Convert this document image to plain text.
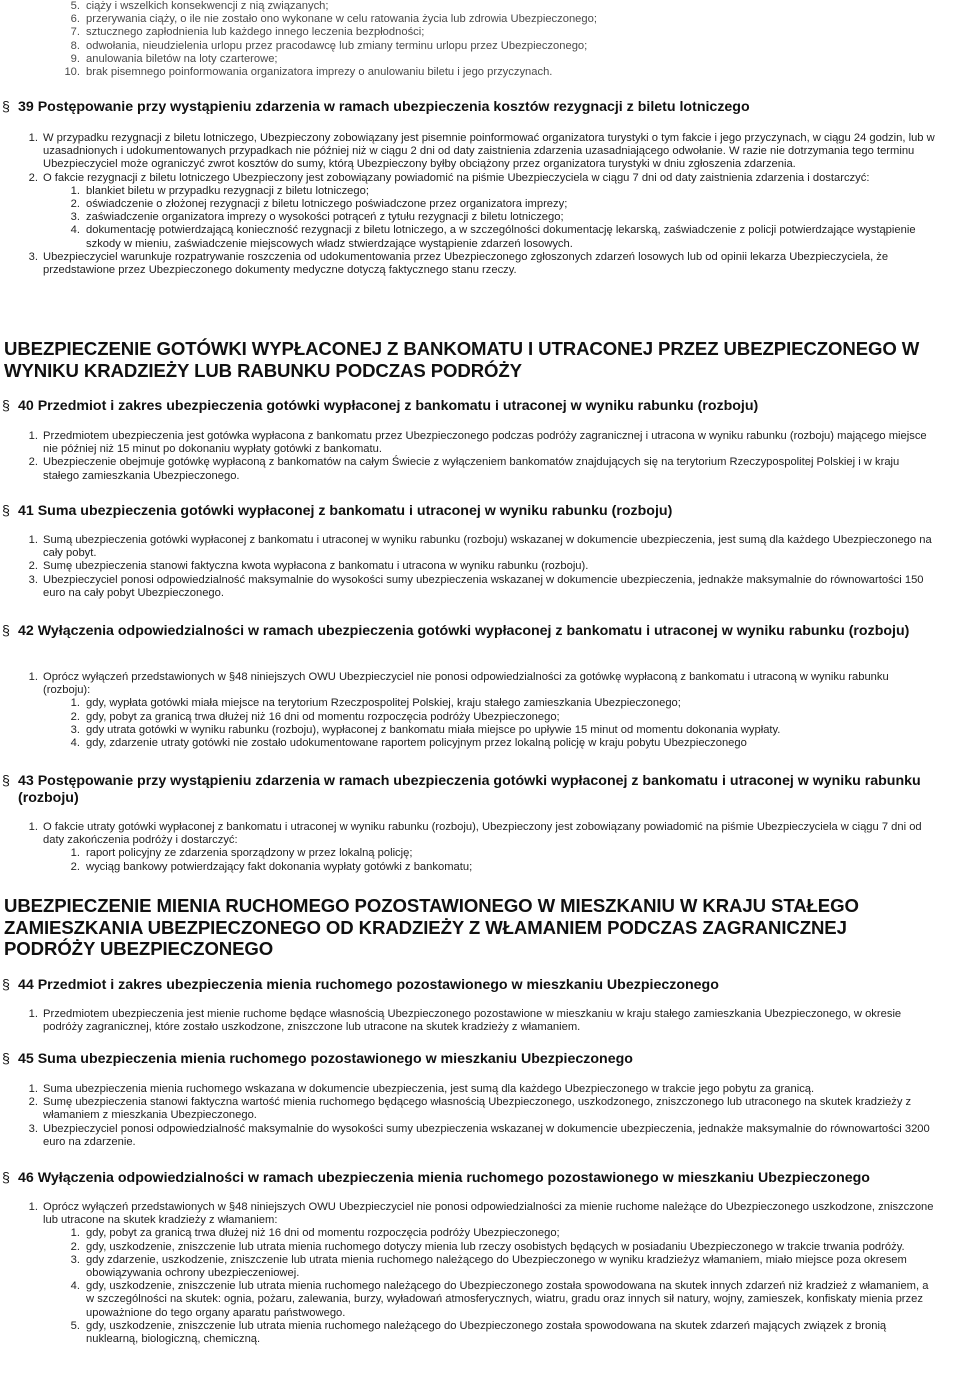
5. ciąży i wszelkich konsekwencji z nią związanych;
6. przerywania ciąży, o ile nie zostało ono wykonane w celu ratowania życia lub zdrowia Ubezpieczonego;
7. sztucznego zapłodnienia lub każdego innego leczenia bezpłodności;
8. odwołania, nieudzielenia urlopu przez pracodawcę lub zmiany terminu urlopu przez Ubezpieczonego;
9. anulowania biletów na loty czarterowe;
10. brak pisemnego poinformowania organizatora imprezy o anulowaniu biletu i jego przyczynach.
§ 39 Postępowanie przy wystąpieniu zdarzenia w ramach ubezpieczenia kosztów rezygnacji z biletu lotniczego
1. W przypadku rezygnacji z biletu lotniczego, Ubezpieczony zobowiązany jest pisemnie poinformować organizatora turystyki o tym fakcie i jego przyczynach, w ciągu 24 godzin, lub w uzasadnionych i udokumentowanych przypadkach nie później niż w ciągu 2 dni od daty zaistnienia zdarzenia uzasadniającego odwołanie. W razie nie dotrzymania tego terminu Ubezpieczyciel może ograniczyć zwrot kosztów do sumy, którą Ubezpieczony byłby obciążony przez organizatora turystyki w dniu zgłoszenia zdarzenia.
2. O fakcie rezygnacji z biletu lotniczego Ubezpieczony jest zobowiązany powiadomić na piśmie Ubezpieczyciela w ciągu 7 dni od daty zaistnienia zdarzenia i dostarczyć:
1. blankiet biletu w przypadku rezygnacji z biletu lotniczego;
2. oświadczenie o złożonej rezygnacji z biletu lotniczego poświadczone przez organizatora imprezy;
3. zaświadczenie organizatora imprezy o wysokości potrąceń z tytułu rezygnacji z biletu lotniczego;
4. dokumentację potwierdzającą konieczność rezygnacji z biletu lotniczego, a w szczególności dokumentację lekarską, zaświadczenie z policji potwierdzające wystąpienie szkody w mieniu, zaświadczenie miejscowych władz stwierdzające wystąpienie zdarzeń losowych.
3. Ubezpieczyciel warunkuje rozpatrywanie roszczenia od udokumentowania przez Ubezpieczonego zgłoszonych zdarzeń losowych lub od opinii lekarza Ubezpieczyciela, że przedstawione przez Ubezpieczonego dokumenty medyczne dotyczą faktycznego stanu rzeczy.
UBEZPIECZENIE GOTÓWKI WYPŁACONEJ Z BANKOMATU I UTRACONEJ PRZEZ UBEZPIECZONEGO W WYNIKU KRADZIEŻY LUB RABUNKU PODCZAS PODRÓŻY
§ 40 Przedmiot i zakres ubezpieczenia gotówki wypłaconej z bankomatu i utraconej w wyniku rabunku (rozboju)
1. Przedmiotem ubezpieczenia jest gotówka wypłacona z bankomatu przez Ubezpieczonego podczas podróży zagranicznej i utracona w wyniku rabunku (rozboju) mającego miejsce nie później niż 15 minut po dokonaniu wypłaty gotówki z bankomatu.
2. Ubezpieczenie obejmuje gotówkę wypłaconą z bankomatów na całym Świecie z wyłączeniem bankomatów znajdujących się na terytorium Rzeczypospolitej Polskiej i w kraju stałego zamieszkania Ubezpieczonego.
§ 41 Suma ubezpieczenia gotówki wypłaconej z bankomatu i utraconej w wyniku rabunku (rozboju)
1. Sumą ubezpieczenia gotówki wypłaconej z bankomatu i utraconej w wyniku rabunku (rozboju) wskazanej w dokumencie ubezpieczenia, jest sumą dla każdego Ubezpieczonego na cały pobyt.
2. Sumę ubezpieczenia stanowi faktyczna kwota wypłacona z bankomatu i utracona w wyniku rabunku (rozboju).
3. Ubezpieczyciel ponosi odpowiedzialność maksymalnie do wysokości sumy ubezpieczenia wskazanej w dokumencie ubezpieczenia, jednakże maksymalnie do równowartości 150 euro na cały pobyt Ubezpieczonego.
§ 42 Wyłączenia odpowiedzialności w ramach ubezpieczenia gotówki wypłaconej z bankomatu i utraconej w wyniku rabunku (rozboju)
1. Oprócz wyłączeń przedstawionych w §48 niniejszych OWU Ubezpieczyciel nie ponosi odpowiedzialności za gotówkę wypłaconą z bankomatu i utraconą w wyniku rabunku (rozboju):
1. gdy, wypłata gotówki miała miejsce na terytorium Rzeczpospolitej Polskiej, kraju stałego zamieszkania Ubezpieczonego;
2. gdy, pobyt za granicą trwa dłużej niż 16 dni od momentu rozpoczęcia podróży Ubezpieczonego;
3. gdy utrata gotówki w wyniku rabunku (rozboju), wypłaconej z bankomatu miała miejsce po upływie 15 minut od momentu dokonania wypłaty.
4. gdy, zdarzenie utraty gotówki nie zostało udokumentowane raportem policyjnym przez lokalną policję w kraju pobytu Ubezpieczonego
§ 43 Postępowanie przy wystąpieniu zdarzenia w ramach ubezpieczenia gotówki wypłaconej z bankomatu i utraconej w wyniku rabunku (rozboju)
1. O fakcie utraty gotówki wypłaconej z bankomatu i utraconej w wyniku rabunku (rozboju), Ubezpieczony jest zobowiązany powiadomić na piśmie Ubezpieczyciela w ciągu 7 dni od daty zakończenia podróży i dostarczyć:
1. raport policyjny ze zdarzenia sporządzony w przez lokalną policję;
2. wyciąg bankowy potwierdzający fakt dokonania wypłaty gotówki z bankomatu;
UBEZPIECZENIE MIENIA RUCHOMEGO POZOSTAWIONEGO W MIESZKANIU W KRAJU STAŁEGO ZAMIESZKANIA UBEZPIECZONEGO OD KRADZIEŻY Z WŁAMANIEM PODCZAS ZAGRANICZNEJ PODRÓŻY UBEZPIECZONEGO
§ 44 Przedmiot i zakres ubezpieczenia mienia ruchomego pozostawionego w mieszkaniu Ubezpieczonego
1. Przedmiotem ubezpieczenia jest mienie ruchome będące własnością Ubezpieczonego pozostawione w mieszkaniu w kraju stałego zamieszkania Ubezpieczonego, w okresie podróży zagranicznej, które zostało uszkodzone, zniszczone lub utracone na skutek kradzieży z włamaniem.
§ 45 Suma ubezpieczenia mienia ruchomego pozostawionego w mieszkaniu Ubezpieczonego
1. Suma ubezpieczenia mienia ruchomego wskazana w dokumencie ubezpieczenia, jest sumą dla każdego Ubezpieczonego w trakcie jego pobytu za granicą.
2. Sumę ubezpieczenia stanowi faktyczna wartość mienia ruchomego będącego własnością Ubezpieczonego, uszkodzonego, zniszczonego lub utraconego na skutek kradzieży z włamaniem z mieszkania Ubezpieczonego.
3. Ubezpieczyciel ponosi odpowiedzialność maksymalnie do wysokości sumy ubezpieczenia wskazanej w dokumencie ubezpieczenia, jednakże maksymalnie do równowartości 3200 euro na zdarzenie.
§ 46 Wyłączenia odpowiedzialności w ramach ubezpieczenia mienia ruchomego pozostawionego w mieszkaniu Ubezpieczonego
1. Oprócz wyłączeń przedstawionych w §48 niniejszych OWU Ubezpieczyciel nie ponosi odpowiedzialności za mienie ruchome należące do Ubezpieczonego uszkodzone, zniszczone lub utracone na skutek kradzieży z włamaniem:
1. gdy, pobyt za granicą trwa dłużej niż 16 dni od momentu rozpoczęcia podróży Ubezpieczonego;
2. gdy, uszkodzenie, zniszczenie lub utrata mienia ruchomego dotyczy mienia lub rzeczy osobistych będących w posiadaniu Ubezpieczonego w trakcie trwania podróży.
3. gdy zdarzenie, uszkodzenie, zniszczenie lub utrata mienia ruchomego należącego do Ubezpieczonego w wyniku kradzieżyz włamaniem, miało miejsce poza okresem obowiązywania ochrony ubezpieczeniowej.
4. gdy, uszkodzenie, zniszczenie lub utrata mienia ruchomego należącego do Ubezpieczonego została spowodowana na skutek innych zdarzeń niż kradzież z włamaniem, a w szczególności na skutek: ognia, pożaru, zalewania, burzy, wyładowań atmosferycznych, wiatru, gradu oraz innych sił natury, wojny, zamieszek, konfiskaty mienia przez upoważnione do tego organy aparatu państwowego.
5. gdy, uszkodzenie, zniszczenie lub utrata mienia ruchomego należącego do Ubezpieczonego została spowodowana na skutek zdarzeń mających związek z bronią nuklearną, biologiczną, chemiczną.
